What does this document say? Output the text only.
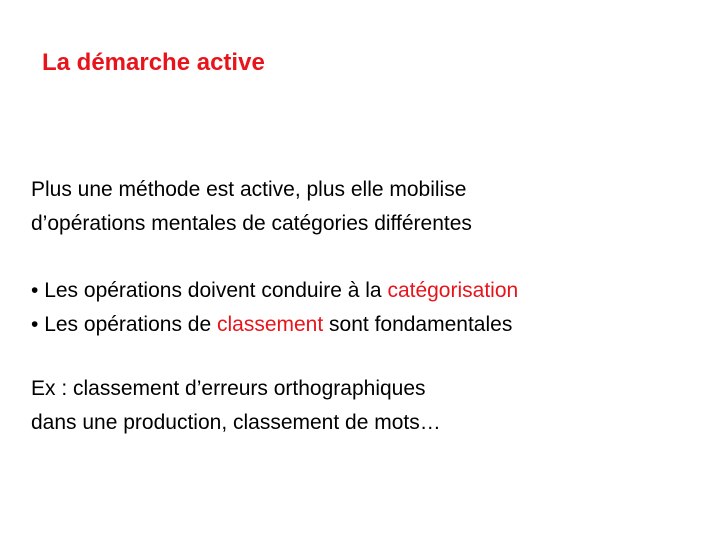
La démarche active
Plus une méthode est active, plus elle mobilise
d’opérations mentales de catégories différentes
• Les opérations doivent conduire à la catégorisation
• Les opérations de classement sont fondamentales
Ex : classement d’erreurs orthographiques
dans une production, classement de mots…
